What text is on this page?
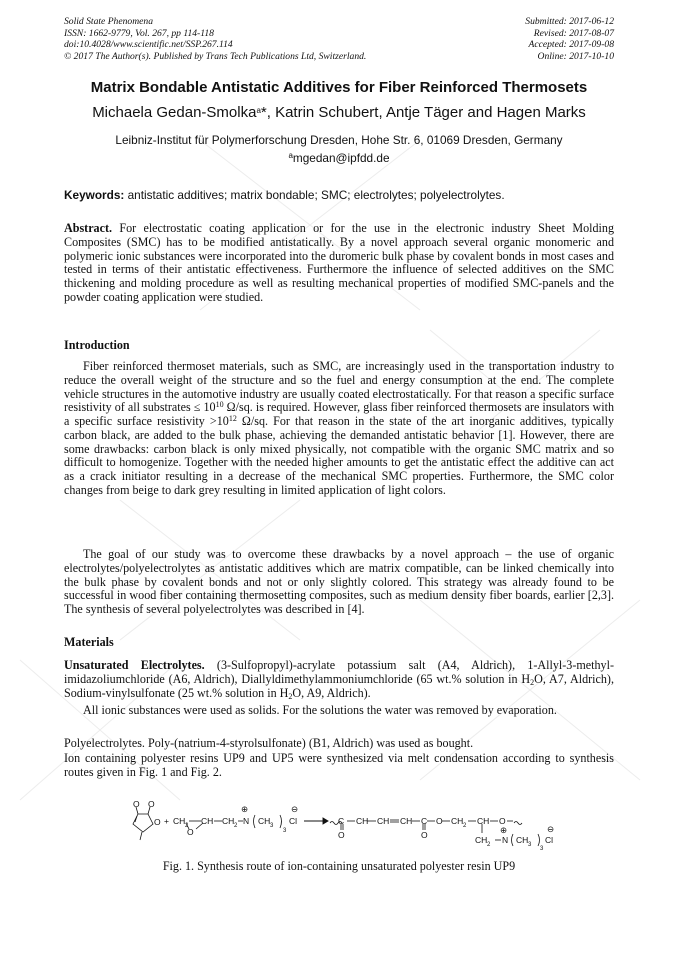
Solid State Phenomena
ISSN: 1662-9779, Vol. 267, pp 114-118
doi:10.4028/www.scientific.net/SSP.267.114
© 2017 The Author(s). Published by Trans Tech Publications Ltd, Switzerland.
Submitted: 2017-06-12
Revised: 2017-08-07
Accepted: 2017-09-08
Online: 2017-10-10
Matrix Bondable Antistatic Additives for Fiber Reinforced Thermosets
Michaela Gedan-Smolka$^a$*, Katrin Schubert, Antje Täger and Hagen Marks
Leibniz-Institut für Polymerforschung Dresden, Hohe Str. 6, 01069 Dresden, Germany
$^a$mgedan@ipfdd.de
Keywords: antistatic additives; matrix bondable; SMC; electrolytes; polyelectrolytes.
Abstract. For electrostatic coating application or for the use in the electronic industry Sheet Molding Composites (SMC) has to be modified antistatically. By a novel approach several organic monomeric and polymeric ionic substances were incorporated into the duromeric bulk phase by covalent bonds in most cases and tested in terms of their antistatic effectiveness. Furthermore the influence of selected additives on the SMC thickening and molding procedure as well as resulting mechanical properties of modified SMC-panels and the powder coating application were studied.
Introduction
Fiber reinforced thermoset materials, such as SMC, are increasingly used in the transportation industry to reduce the overall weight of the structure and so the fuel and energy consumption at the end. The complete vehicle structures in the automotive industry are usually coated electrostatically. For that reason a specific surface resistivity of all substrates ≤ $10^{10}$ Ω/sq. is required. However, glass fiber reinforced thermosets are insulators with a specific surface resistivity $>10^{12}$ Ω/sq. For that reason in the state of the art inorganic additives, typically carbon black, are added to the bulk phase, achieving the demanded antistatic behavior [1]. However, there are some drawbacks: carbon black is only mixed physically, not compatible with the organic SMC matrix and so difficult to homogenize. Together with the needed higher amounts to get the antistatic effect the additive can act as a crack initiator resulting in a decrease of the mechanical SMC properties. Furthermore, the SMC color changes from beige to dark grey resulting in limited application of light colors.
The goal of our study was to overcome these drawbacks by a novel approach – the use of organic electrolytes/polyelectrolytes as antistatic additives which are matrix compatible, can be linked chemically into the bulk phase by covalent bonds and not or only slightly colored. This strategy was already found to be successful in wood fiber containing thermosetting composites, such as medium density fiber boards, earlier [2,3]. The synthesis of several polyelectrolytes was described in [4].
Materials
Unsaturated Electrolytes. (3-Sulfopropyl)-acrylate potassium salt (A4, Aldrich), 1-Allyl-3-methyl-imidazoliumchloride (A6, Aldrich), Diallyldimethylammoniumchloride (65 wt.% solution in $H_2O$, A7, Aldrich), Sodium-vinylsulfonate (25 wt.% solution in $H_2O$, A9, Aldrich).
All ionic substances were used as solids. For the solutions the water was removed by evaporation.
Polyelectrolytes. Poly-(natrium-4-styrolsulfonate) (B1, Aldrich) was used as bought.
Ion containing polyester resins UP9 and UP5 were synthesized via melt condensation according to synthesis routes given in Fig. 1 and Fig. 2.
O O
O + CH 2 CH CH 2 N
⊕
CH 3
3
Cl
⊖
O
C
O
CH CH CH C
O
O CH 2 CH O
CH 2 N
⊕
CH 3
3
Cl
⊖
Fig. 1. Synthesis route of ion-containing unsaturated polyester resin UP9
